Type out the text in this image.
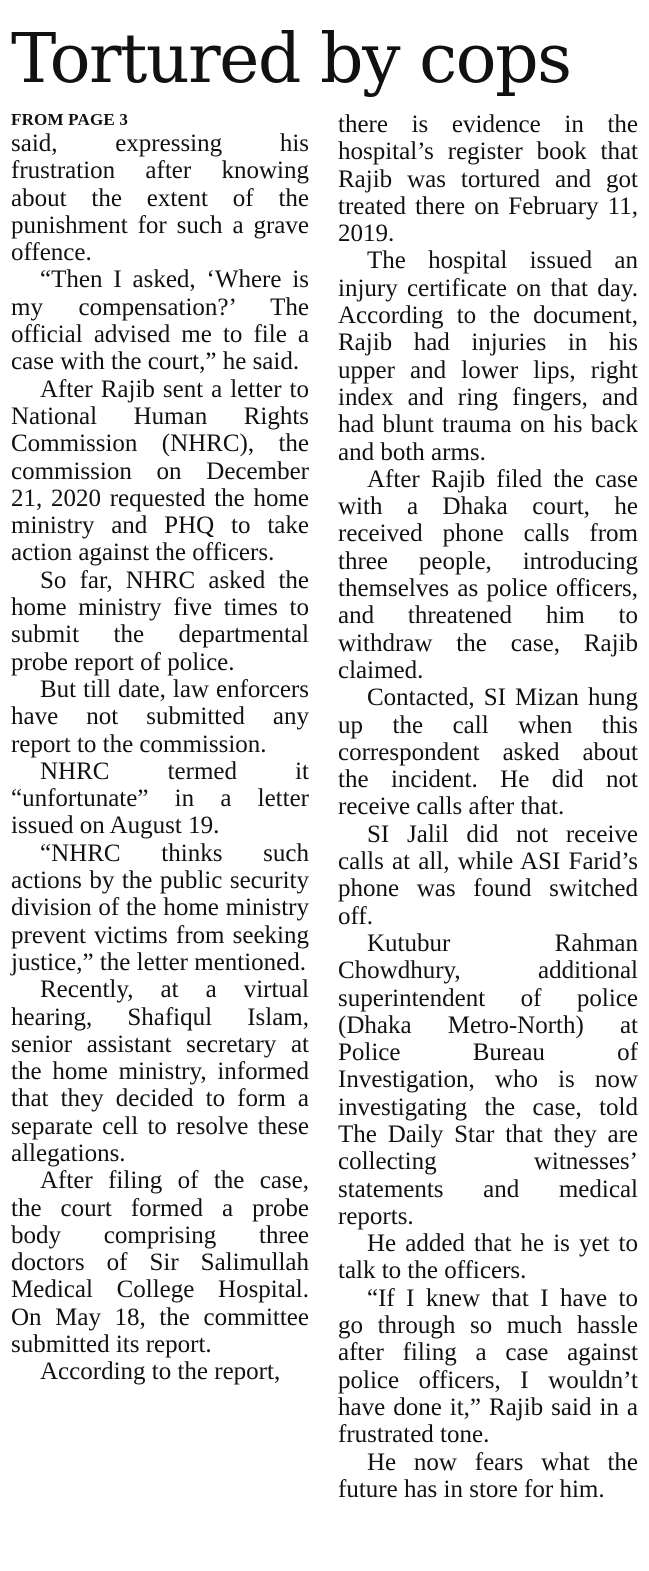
Tortured by cops
FROM PAGE 3

said, expressing his frustration after knowing about the extent of the punishment for such a grave offence.

“Then I asked, ‘Where is my compensation?’ The official advised me to file a case with the court,” he said.

After Rajib sent a letter to National Human Rights Commission (NHRC), the commission on December 21, 2020 requested the home ministry and PHQ to take action against the officers.

So far, NHRC asked the home ministry five times to submit the departmental probe report of police.

But till date, law enforcers have not submitted any report to the commission.

NHRC termed it “unfortunate” in a letter issued on August 19.

“NHRC thinks such actions by the public security division of the home ministry prevent victims from seeking justice,” the letter mentioned.

Recently, at a virtual hearing, Shafiqul Islam, senior assistant secretary at the home ministry, informed that they decided to form a separate cell to resolve these allegations.

After filing of the case, the court formed a probe body comprising three doctors of Sir Salimullah Medical College Hospital. On May 18, the committee submitted its report.

According to the report,

there is evidence in the hospital’s register book that Rajib was tortured and got treated there on February 11, 2019.

The hospital issued an injury certificate on that day. According to the document, Rajib had injuries in his upper and lower lips, right index and ring fingers, and had blunt trauma on his back and both arms.

After Rajib filed the case with a Dhaka court, he received phone calls from three people, introducing themselves as police officers, and threatened him to withdraw the case, Rajib claimed.

Contacted, SI Mizan hung up the call when this correspondent asked about the incident. He did not receive calls after that.

SI Jalil did not receive calls at all, while ASI Farid’s phone was found switched off.

Kutubur Rahman Chowdhury, additional superintendent of police (Dhaka Metro-North) at Police Bureau of Investigation, who is now investigating the case, told The Daily Star that they are collecting witnesses’ statements and medical reports.

He added that he is yet to talk to the officers.

“If I knew that I have to go through so much hassle after filing a case against police officers, I wouldn’t have done it,” Rajib said in a frustrated tone.

He now fears what the future has in store for him.
